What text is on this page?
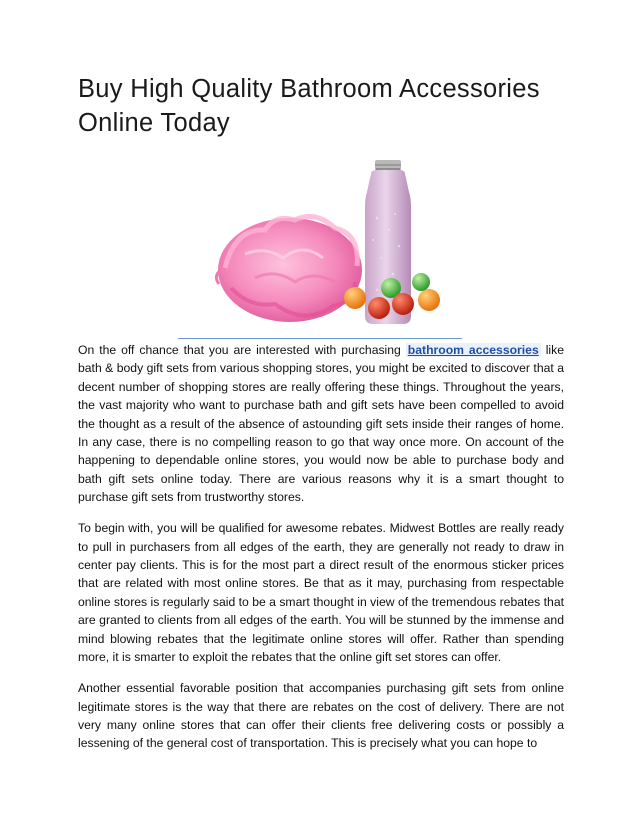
Buy High Quality Bathroom Accessories Online Today

On the off chance that you are interested with purchasing bathroom accessories like bath & body gift sets from various shopping stores, you might be excited to discover that a decent number of shopping stores are really offering these things. Throughout the years, the vast majority who want to purchase bath and gift sets have been compelled to avoid the thought as a result of the absence of astounding gift sets inside their ranges of home. In any case, there is no compelling reason to go that way once more. On account of the happening to dependable online stores, you would now be able to purchase body and bath gift sets online today. There are various reasons why it is a smart thought to purchase gift sets from trustworthy stores.

To begin with, you will be qualified for awesome rebates. Midwest Bottles are really ready to pull in purchasers from all edges of the earth, they are generally not ready to draw in center pay clients. This is for the most part a direct result of the enormous sticker prices that are related with most online stores. Be that as it may, purchasing from respectable online stores is regularly said to be a smart thought in view of the tremendous rebates that are granted to clients from all edges of the earth. You will be stunned by the immense and mind blowing rebates that the legitimate online stores will offer. Rather than spending more, it is smarter to exploit the rebates that the online gift set stores can offer.

Another essential favorable position that accompanies purchasing gift sets from online legitimate stores is the way that there are rebates on the cost of delivery. There are not very many online stores that can offer their clients free delivering costs or possibly a lessening of the general cost of transportation. This is precisely what you can hope to
